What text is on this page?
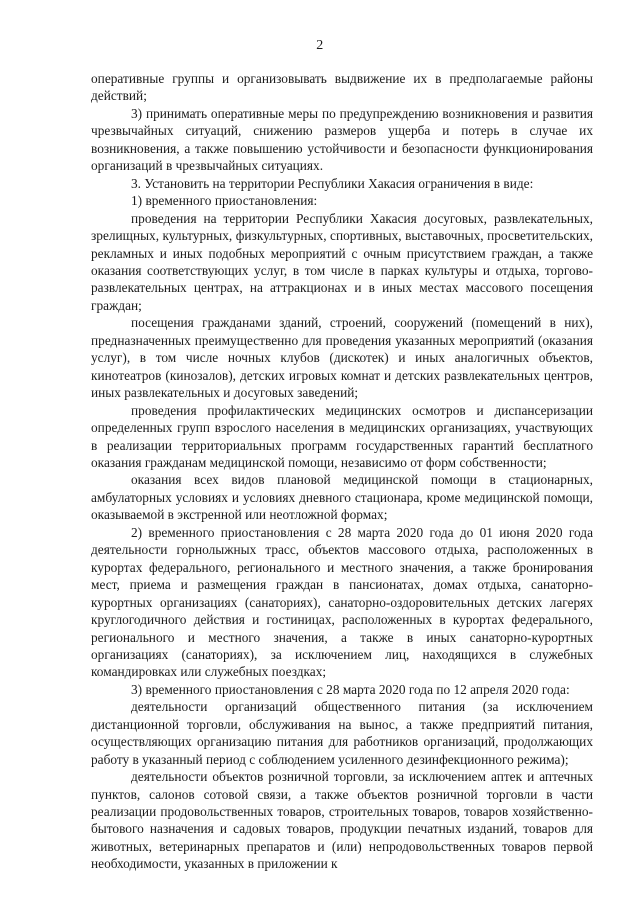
2

оперативные группы и организовывать выдвижение их в предполагаемые районы действий;

3) принимать оперативные меры по предупреждению возникновения и развития чрезвычайных ситуаций, снижению размеров ущерба и потерь в случае их возникновения, а также повышению устойчивости и безопасности функционирования организаций в чрезвычайных ситуациях.

3. Установить на территории Республики Хакасия ограничения в виде:

1) временного приостановления:

проведения на территории Республики Хакасия досуговых, развлекательных, зрелищных, культурных, физкультурных, спортивных, выставочных, просветительских, рекламных и иных подобных мероприятий с очным присутствием граждан, а также оказания соответствующих услуг, в том числе в парках культуры и отдыха, торгово-развлекательных центрах, на аттракционах и в иных местах массового посещения граждан;

посещения гражданами зданий, строений, сооружений (помещений в них), предназначенных преимущественно для проведения указанных мероприятий (оказания услуг), в том числе ночных клубов (дискотек) и иных аналогичных объектов, кинотеатров (кинозалов), детских игровых комнат и детских развлекательных центров, иных развлекательных и досуговых заведений;

проведения профилактических медицинских осмотров и диспансеризации определенных групп взрослого населения в медицинских организациях, участвующих в реализации территориальных программ государственных гарантий бесплатного оказания гражданам медицинской помощи, независимо от форм собственности;

оказания всех видов плановой медицинской помощи в стационарных, амбулаторных условиях и условиях дневного стационара, кроме медицинской помощи, оказываемой в экстренной или неотложной формах;

2) временного приостановления с 28 марта 2020 года до 01 июня 2020 года деятельности горнолыжных трасс, объектов массового отдыха, расположенных в курортах федерального, регионального и местного значения, а также бронирования мест, приема и размещения граждан в пансионатах, домах отдыха, санаторно-курортных организациях (санаториях), санаторно-оздоровительных детских лагерях круглогодичного действия и гостиницах, расположенных в курортах федерального, регионального и местного значения, а также в иных санаторно-курортных организациях (санаториях), за исключением лиц, находящихся в служебных командировках или служебных поездках;

3) временного приостановления с 28 марта 2020 года по 12 апреля 2020 года:

деятельности организаций общественного питания (за исключением дистанционной торговли, обслуживания на вынос, а также предприятий питания, осуществляющих организацию питания для работников организаций, продолжающих работу в указанный период с соблюдением усиленного дезинфекционного режима);

деятельности объектов розничной торговли, за исключением аптек и аптечных пунктов, салонов сотовой связи, а также объектов розничной торговли в части реализации продовольственных товаров, строительных товаров, товаров хозяйственно-бытового назначения и садовых товаров, продукции печатных изданий, товаров для животных, ветеринарных препаратов и (или) непродовольственных товаров первой необходимости, указанных в приложении к
